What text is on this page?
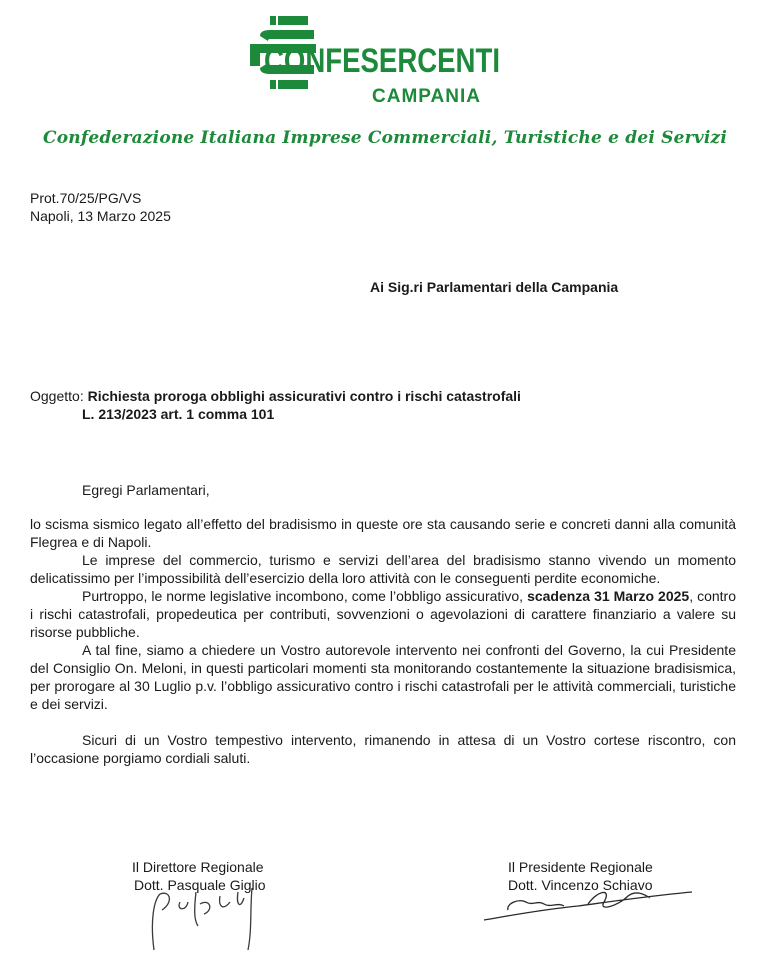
CONFESERCENTI
CAMPANIA
Confederazione Italiana Imprese Commerciali, Turistiche e dei Servizi
Prot.70/25/PG/VS
Napoli, 13 Marzo 2025
Ai Sig.ri Parlamentari della Campania
Oggetto: Richiesta proroga obblighi assicurativi contro i rischi catastrofali
L. 213/2023 art. 1 comma 101
Egregi Parlamentari,

lo scisma sismico legato all’effetto del bradisismo in queste ore sta causando serie e concreti danni alla comunità Flegrea e di Napoli.

Le imprese del commercio, turismo e servizi dell’area del bradisismo stanno vivendo un momento delicatissimo per l’impossibilità dell’esercizio della loro attività con le conseguenti perdite economiche.

Purtroppo, le norme legislative incombono, come l’obbligo assicurativo, scadenza 31 Marzo 2025, contro i rischi catastrofali, propedeutica per contributi, sovvenzioni o agevolazioni di carattere finanziario a valere su risorse pubbliche.

A tal fine, siamo a chiedere un Vostro autorevole intervento nei confronti del Governo, la cui Presidente del Consiglio On. Meloni, in questi particolari momenti sta monitorando costantemente la situazione bradisismica, per prorogare al 30 Luglio p.v. l’obbligo assicurativo contro i rischi catastrofali per le attività commerciali, turistiche e dei servizi.

Sicuri di un Vostro tempestivo intervento, rimanendo in attesa di un Vostro cortese riscontro, con l’occasione porgiamo cordiali saluti.

Il Direttore Regionale
Dott. Pasquale Giglio
Il Presidente Regionale
Dott. Vincenzo Schiavo
